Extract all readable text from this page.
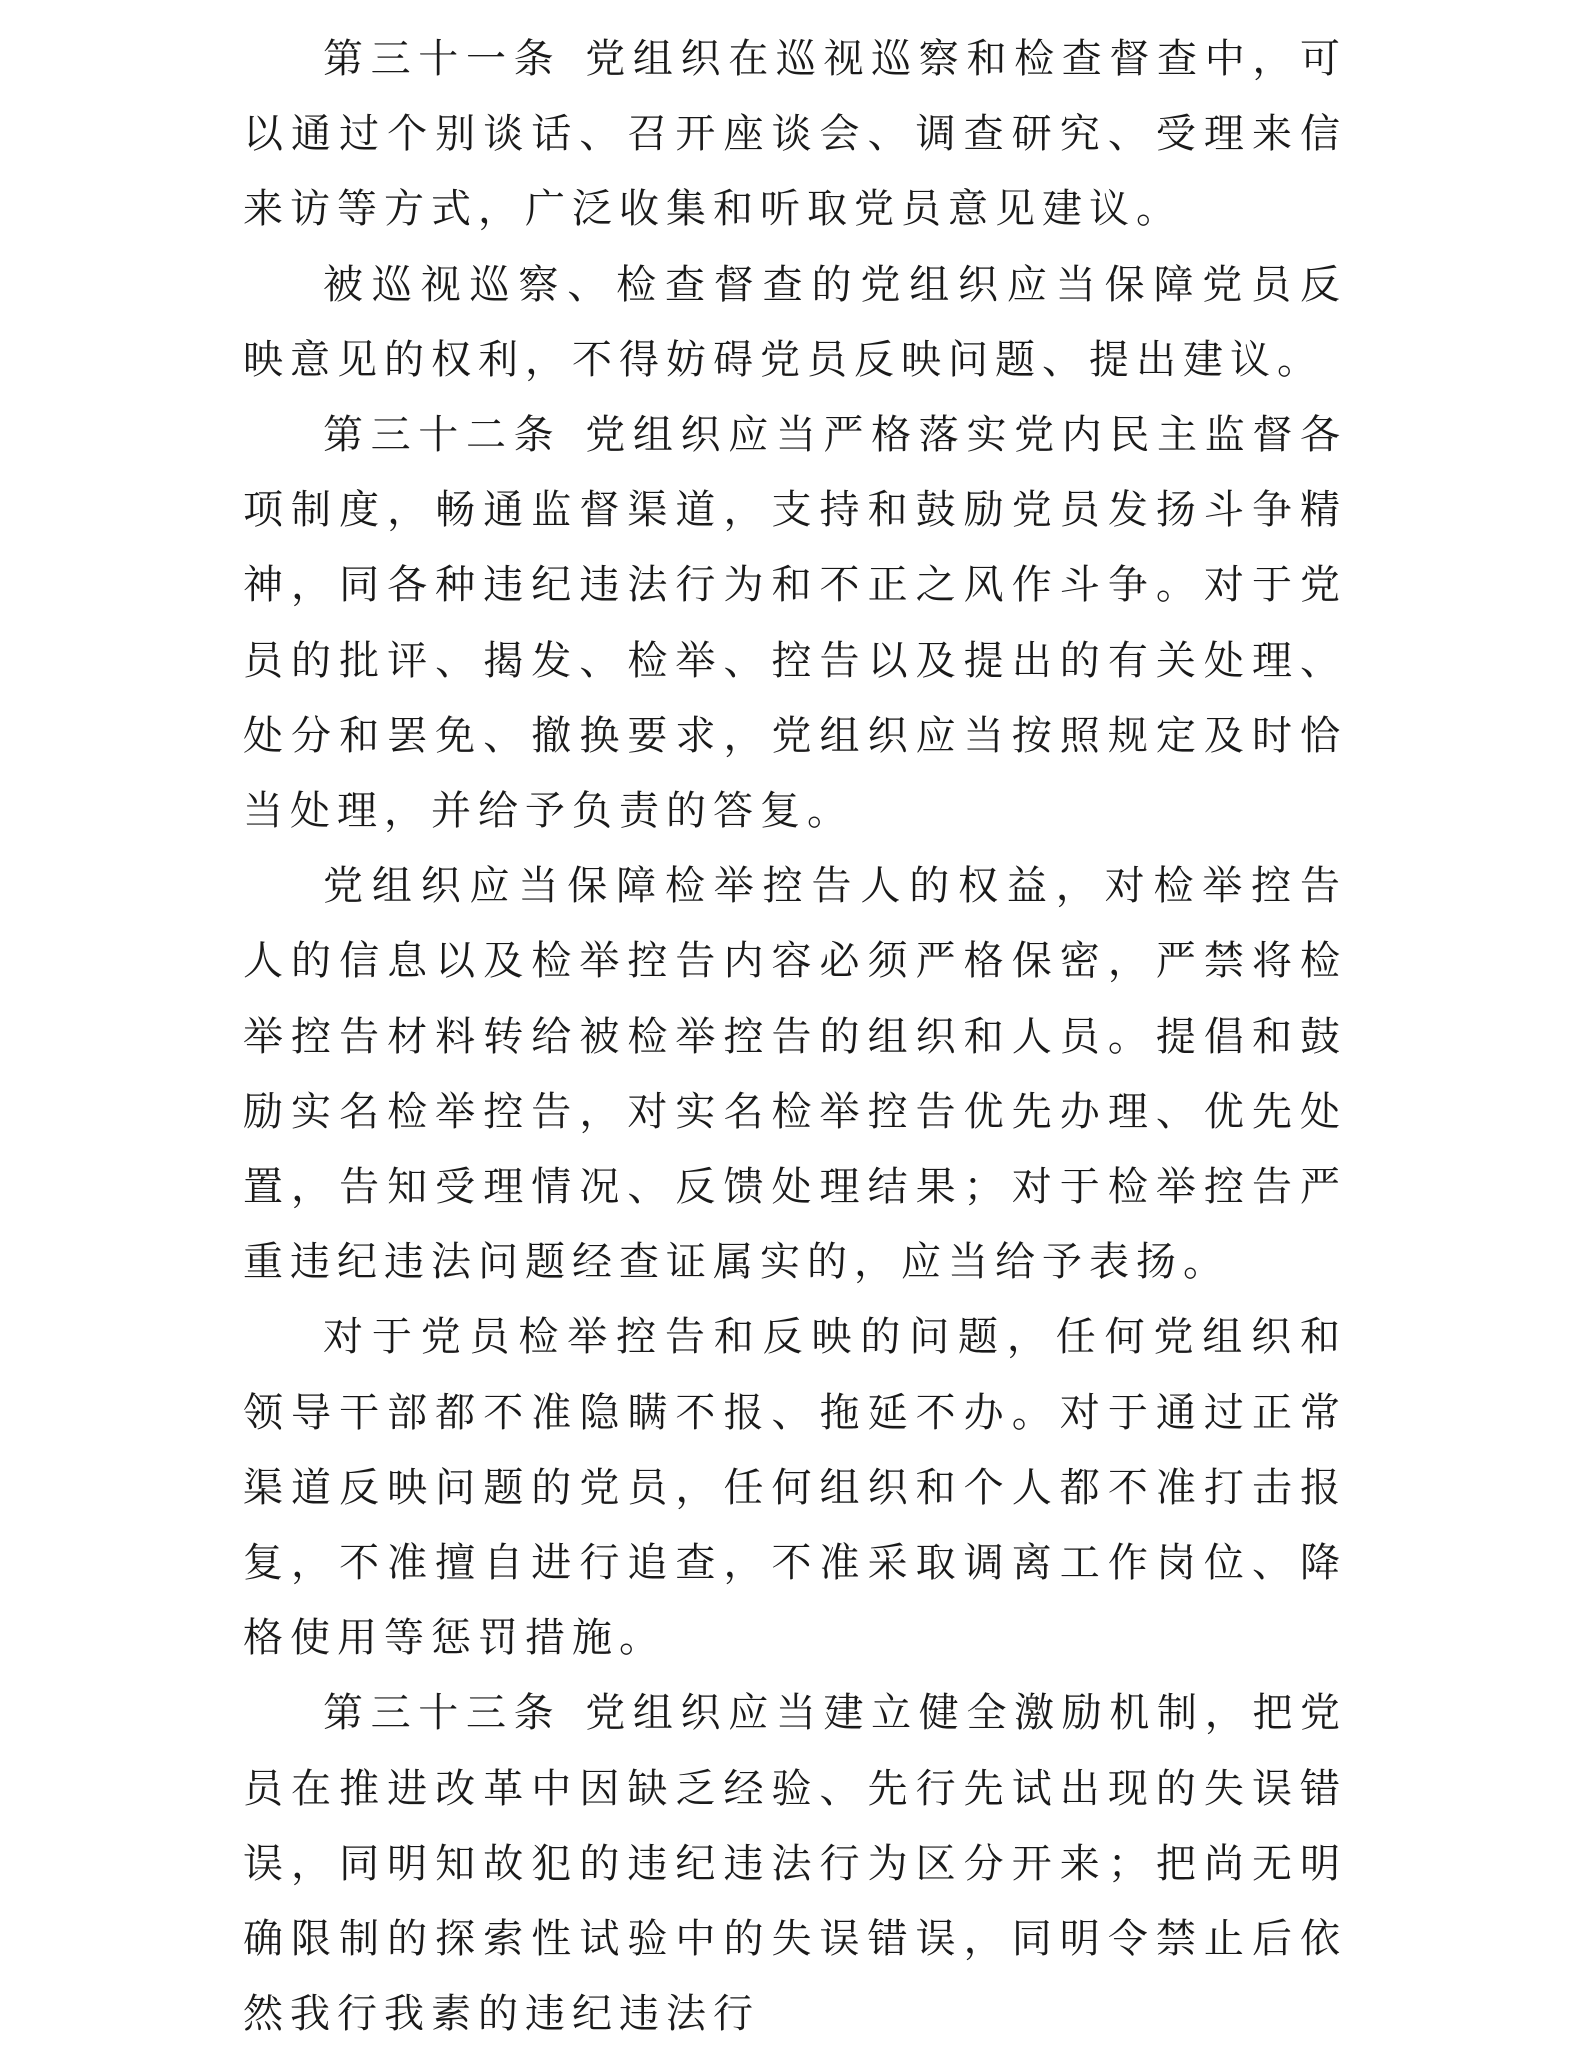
第三十一条 党组织在巡视巡察和检查督查中，可以通过个别谈话、召开座谈会、调查研究、受理来信来访等方式，广泛收集和听取党员意见建议。

被巡视巡察、检查督查的党组织应当保障党员反映意见的权利，不得妨碍党员反映问题、提出建议。

第三十二条 党组织应当严格落实党内民主监督各项制度，畅通监督渠道，支持和鼓励党员发扬斗争精神，同各种违纪违法行为和不正之风作斗争。对于党员的批评、揭发、检举、控告以及提出的有关处理、处分和罢免、撤换要求，党组织应当按照规定及时恰当处理，并给予负责的答复。

党组织应当保障检举控告人的权益，对检举控告人的信息以及检举控告内容必须严格保密，严禁将检举控告材料转给被检举控告的组织和人员。提倡和鼓励实名检举控告，对实名检举控告优先办理、优先处置，告知受理情况、反馈处理结果；对于检举控告严重违纪违法问题经查证属实的，应当给予表扬。

对于党员检举控告和反映的问题，任何党组织和领导干部都不准隐瞒不报、拖延不办。对于通过正常渠道反映问题的党员，任何组织和个人都不准打击报复，不准擅自进行追查，不准采取调离工作岗位、降格使用等惩罚措施。

第三十三条 党组织应当建立健全激励机制，把党员在推进改革中因缺乏经验、先行先试出现的失误错误，同明知故犯的违纪违法行为区分开来；把尚无明确限制的探索性试验中的失误错误，同明令禁止后依然我行我素的违纪违法行
